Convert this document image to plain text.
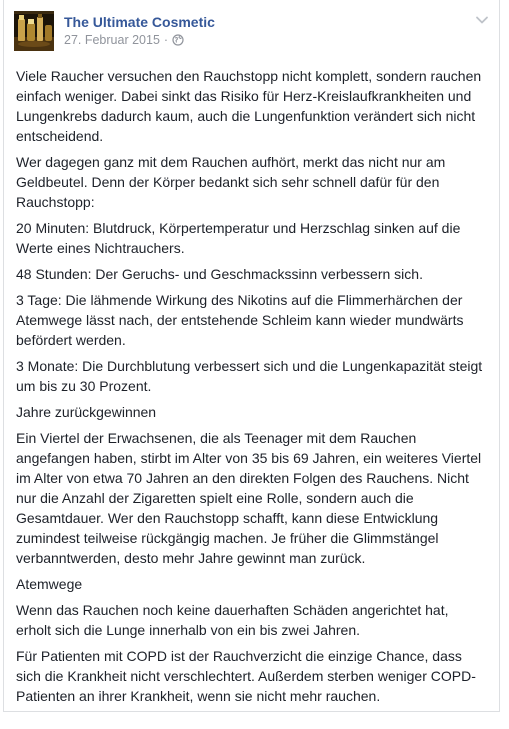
The Ultimate Cosmetic
27. Februar 2015 ·

Viele Raucher versuchen den Rauchstopp nicht komplett, sondern rauchen einfach weniger. Dabei sinkt das Risiko für Herz-Kreislaufkrankheiten und Lungenkrebs dadurch kaum, auch die Lungenfunktion verändert sich nicht entscheidend.

Wer dagegen ganz mit dem Rauchen aufhört, merkt das nicht nur am Geldbeutel. Denn der Körper bedankt sich sehr schnell dafür für den Rauchstopp:

20 Minuten: Blutdruck, Körpertemperatur und Herzschlag sinken auf die Werte eines Nichtrauchers.

48 Stunden: Der Geruchs- und Geschmackssinn verbessern sich.

3 Tage: Die lähmende Wirkung des Nikotins auf die Flimmerhärchen der Atemwege lässt nach, der entstehende Schleim kann wieder mundwärts befördert werden.

3 Monate: Die Durchblutung verbessert sich und die Lungenkapazität steigt um bis zu 30 Prozent.

Jahre zurückgewinnen

Ein Viertel der Erwachsenen, die als Teenager mit dem Rauchen angefangen haben, stirbt im Alter von 35 bis 69 Jahren, ein weiteres Viertel im Alter von etwa 70 Jahren an den direkten Folgen des Rauchens. Nicht nur die Anzahl der Zigaretten spielt eine Rolle, sondern auch die Gesamtdauer. Wer den Rauchstopp schafft, kann diese Entwicklung zumindest teilweise rückgängig machen. Je früher die Glimmstängel verbanntwerden, desto mehr Jahre gewinnt man zurück.

Atemwege

Wenn das Rauchen noch keine dauerhaften Schäden angerichtet hat, erholt sich die Lunge innerhalb von ein bis zwei Jahren.

Für Patienten mit COPD ist der Rauchverzicht die einzige Chance, dass sich die Krankheit nicht verschlechtert. Außerdem sterben weniger COPD-Patienten an ihrer Krankheit, wenn sie nicht mehr rauchen.
